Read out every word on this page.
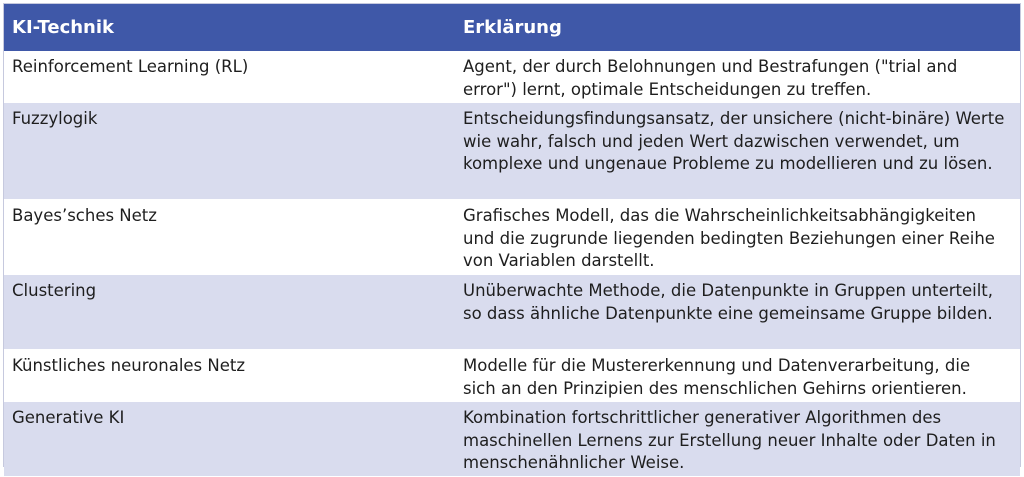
KI-Technik	Erklärung
Reinforcement Learning (RL)	Agent, der durch Belohnungen und Bestrafungen ("trial and error") lernt, optimale Entscheidungen zu treffen.
Fuzzylogik	Entscheidungsfindungsansatz, der unsichere (nicht-binäre) Werte wie wahr, falsch und jeden Wert dazwischen verwendet, um komplexe und ungenaue Probleme zu modellieren und zu lösen.
Bayes’sches Netz	Grafisches Modell, das die Wahrscheinlichkeitsabhängigkeiten und die zugrunde liegenden bedingten Beziehungen einer Reihe von Variablen darstellt.
Clustering	Unüberwachte Methode, die Datenpunkte in Gruppen unterteilt, so dass ähnliche Datenpunkte eine gemeinsame Gruppe bilden.
Künstliches neuronales Netz	Modelle für die Mustererkennung und Datenverarbeitung, die sich an den Prinzipien des menschlichen Gehirns orientieren.
Generative KI	Kombination fortschrittlicher generativer Algorithmen des maschinellen Lernens zur Erstellung neuer Inhalte oder Daten in menschenähnlicher Weise.
